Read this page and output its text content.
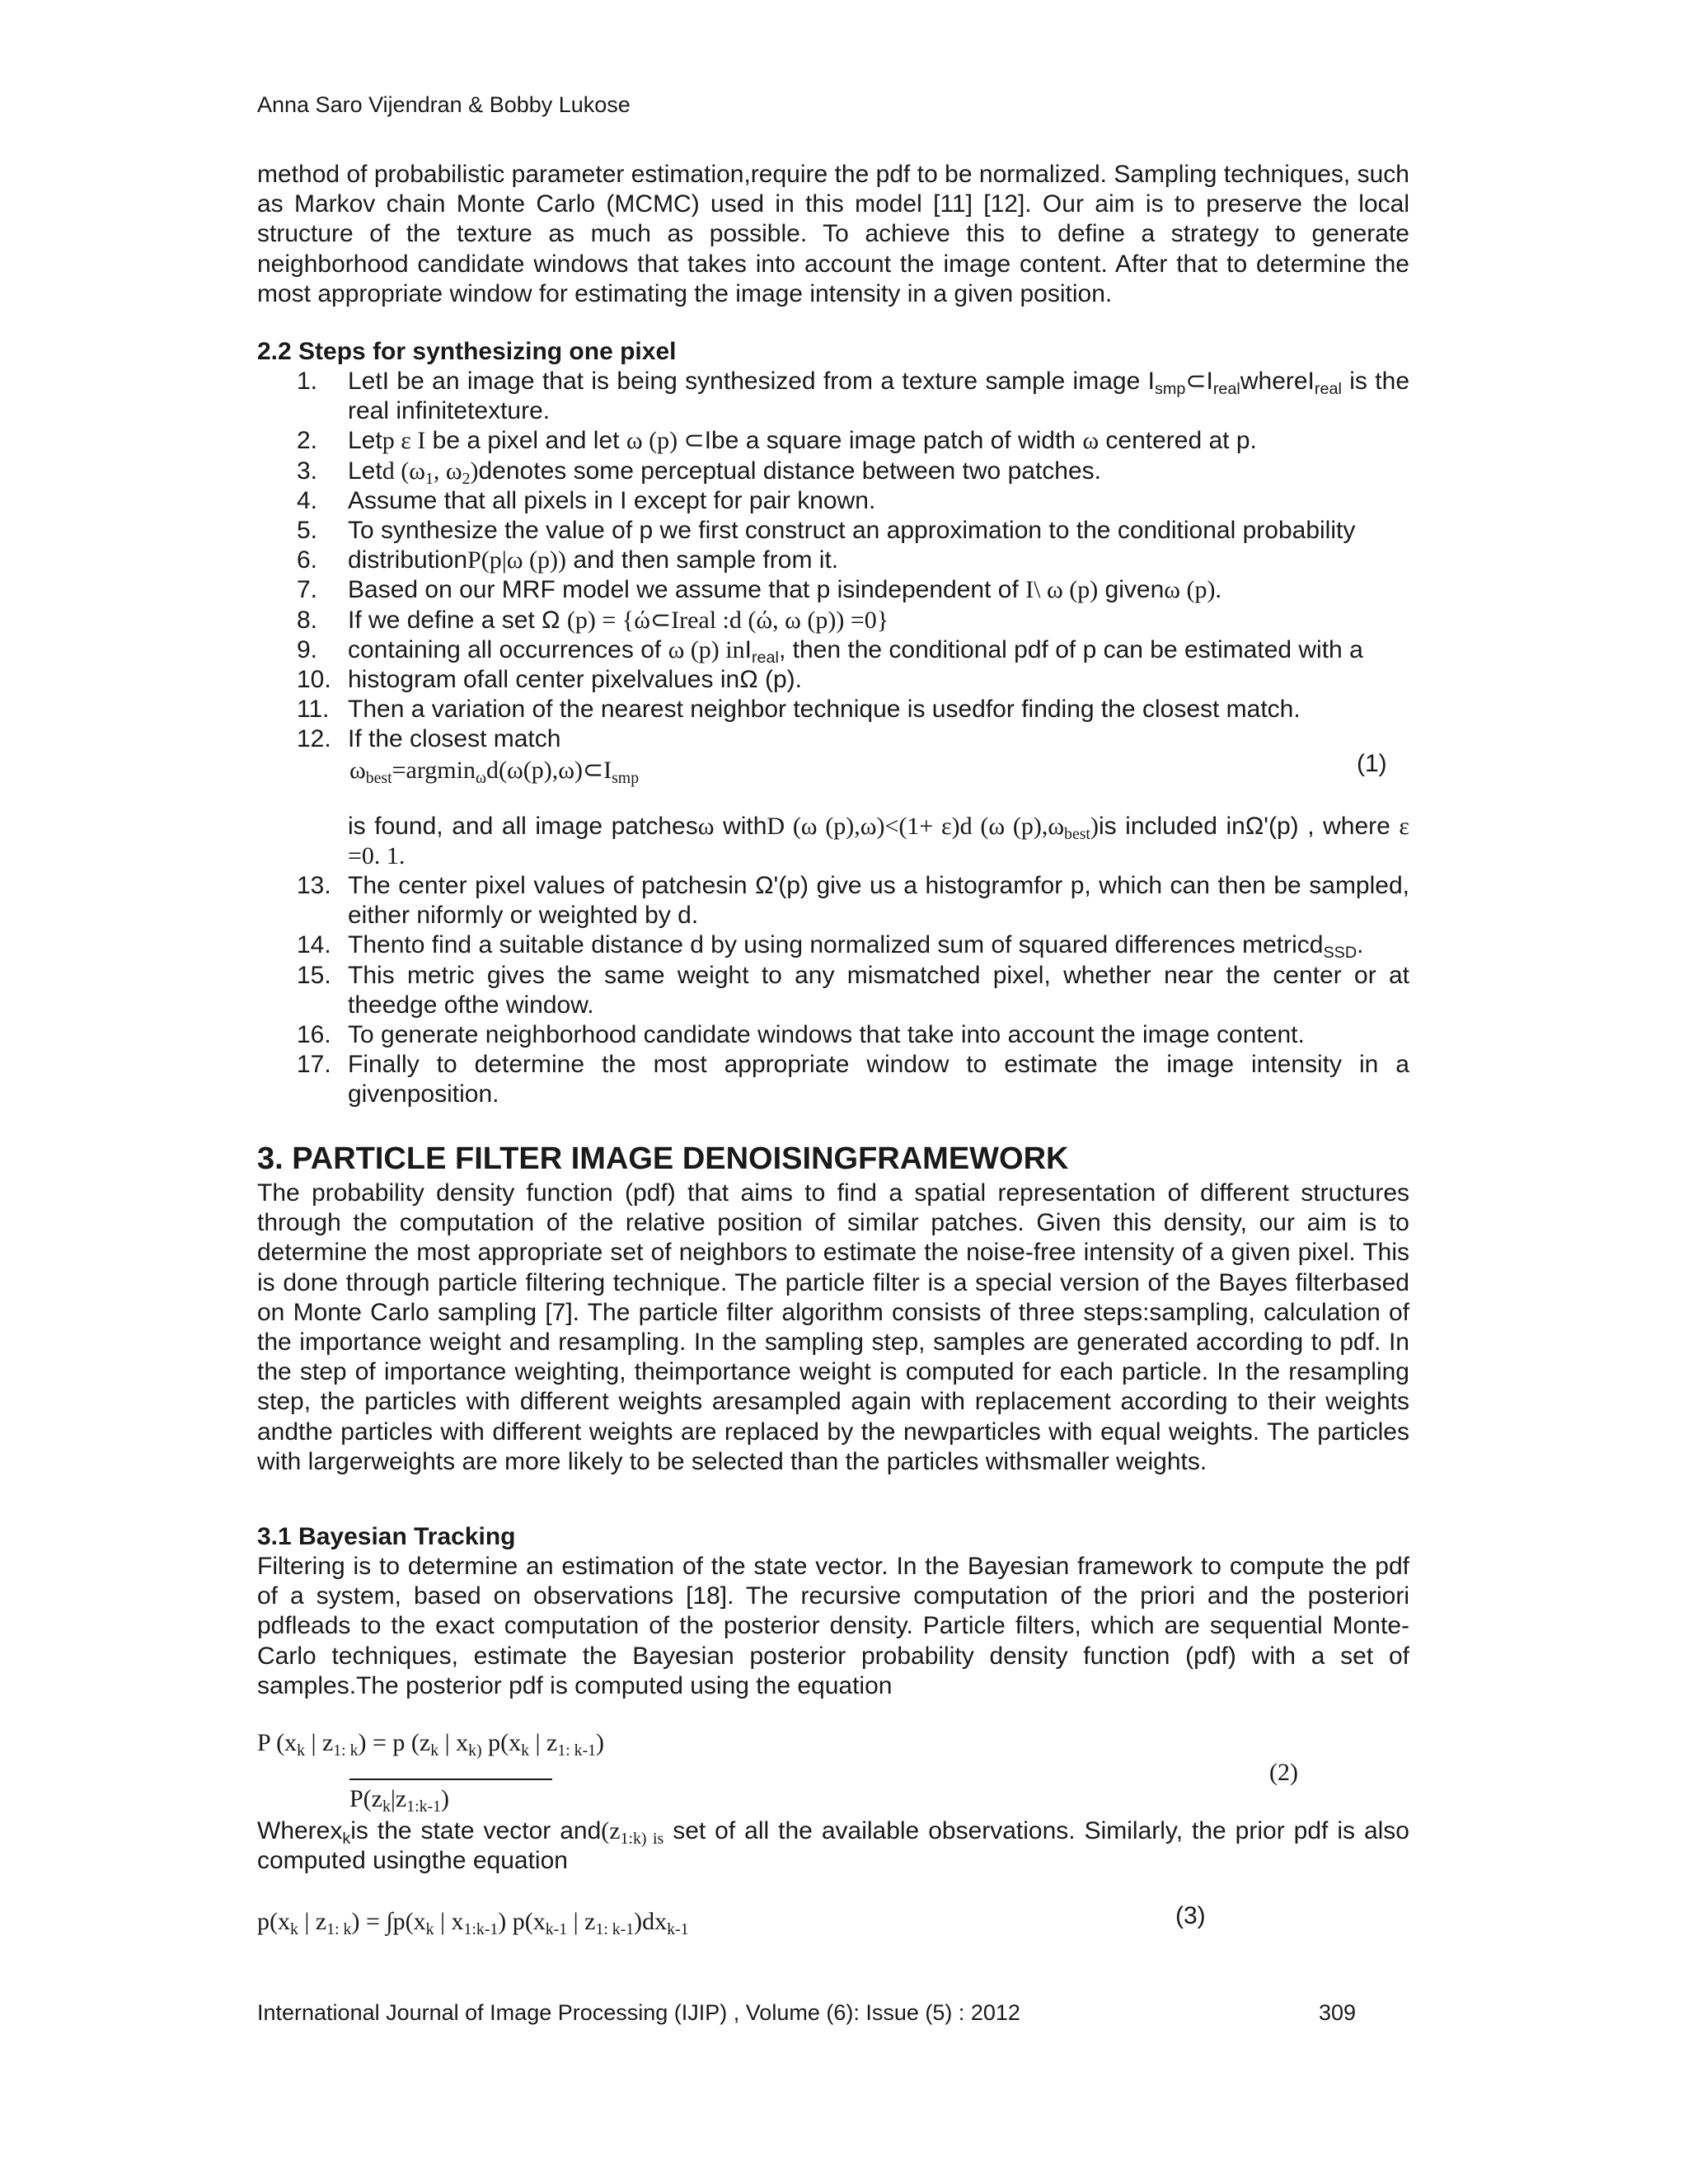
Anna Saro Vijendran & Bobby Lukose
method of probabilistic parameter estimation,require the pdf to be normalized. Sampling techniques, such as Markov chain Monte Carlo (MCMC) used in this model [11] [12]. Our aim is to preserve the local structure of the texture as much as possible. To achieve this to define a strategy to generate neighborhood candidate windows that takes into account the image content. After that to determine the most appropriate window for estimating the image intensity in a given position.
2.2 Steps for synthesizing one pixel
1.	LetI be an image that is being synthesized from a texture sample image $I_{smp}\subset I_{real}whereI_{real}$ is the real infinitetexture.
2.	Letp ε I be a pixel and let ω (p) ⊂Ibe a square image patch of width ω centered at p.
3.	Letd ($\omega_1$, $\omega_2)denotes$ some perceptual distance between two patches.
4.	Assume that all pixels in I except for pair known.
5.	To synthesize the value of p we first construct an approximation to the conditional probability
6.	distributionP(p|ω (p)) and then sample from it.
7.	Based on our MRF model we assume that p isindependent of I\ ω (p) givenω (p).
8.	If we define a set Ω (p) = {ώ⊂Ireal :d (ώ, ω (p)) =0}
9.	containing all occurrences of ω (p) inI$_{real}$, then the conditional pdf of p can be estimated with a
10. histogram ofall center pixelvalues inΩ (p).
11. Then a variation of the nearest neighbor technique is usedfor finding the closest match.
12. If the closest match
$\omega_{best}=argmin_\omega d(\omega(p),\omega)\subset I_{smp}$
(1)
is found, and all image patchesω withD (ω (p),ω)<(1+ ε)d (ω $(p),\omega_{best})is$ included inΩ'(p) , where ε =0. 1.
13. The center pixel values of patchesin Ω'(p) give us a histogramfor p, which can then be sampled, either niformly or weighted by d.
14. Thento find a suitable distance d by using normalized sum of squared differences metricd$_{SSD}$.
15. This metric gives the same weight to any mismatched pixel, whether near the center or at theedge ofthe window.
16. To generate neighborhood candidate windows that take into account the image content.
17. Finally to determine the most appropriate window to estimate the image intensity in a givenposition.
3. PARTICLE FILTER IMAGE DENOISINGFRAMEWORK
The probability density function (pdf) that aims to find a spatial representation of different structures through the computation of the relative position of similar patches. Given this density, our aim is to determine the most appropriate set of neighbors to estimate the noise-free intensity of a given pixel. This is done through particle filtering technique. The particle filter is a special version of the Bayes filterbased on Monte Carlo sampling [7]. The particle filter algorithm consists of three steps:sampling, calculation of the importance weight and resampling. In the sampling step, samples are generated according to pdf. In the step of importance weighting, theimportance weight is computed for each particle. In the resampling step, the particles with different weights aresampled again with replacement according to their weights andthe particles with different weights are replaced by the newparticles with equal weights. The particles with largerweights are more likely to be selected than the particles withsmaller weights.
3.1 Bayesian Tracking
Filtering is to determine an estimation of the state vector. In the Bayesian framework to compute the pdf of a system, based on observations [18]. The recursive computation of the priori and the posteriori pdfleads to the exact computation of the posterior density. Particle filters, which are sequential Monte-Carlo techniques, estimate the Bayesian posterior probability density function (pdf) with a set of samples.The posterior pdf is computed using the equation
P ($x_k$ | $z_{1: k}) = p$ ($z_k$ | $x_{k)}$ $p(x_k$ | $z_{1: k-1}$)
(2)
$P(z_k|z_{1:k-1})$
Wherex$_k$is the state vector $and(z_{1:k) is}$ set of all the available observations. Similarly, the prior pdf is also computed usingthe equation
$p(x_k$ | $z_{1: k}) = \int p(x_k$ | $x_{1:k-1}$) $p(x_{k-1}$ | $z_{1: k-1})dx_{k-1}$	(3)
International Journal of Image Processing (IJIP) , Volume (6): Issue (5) : 2012	309
